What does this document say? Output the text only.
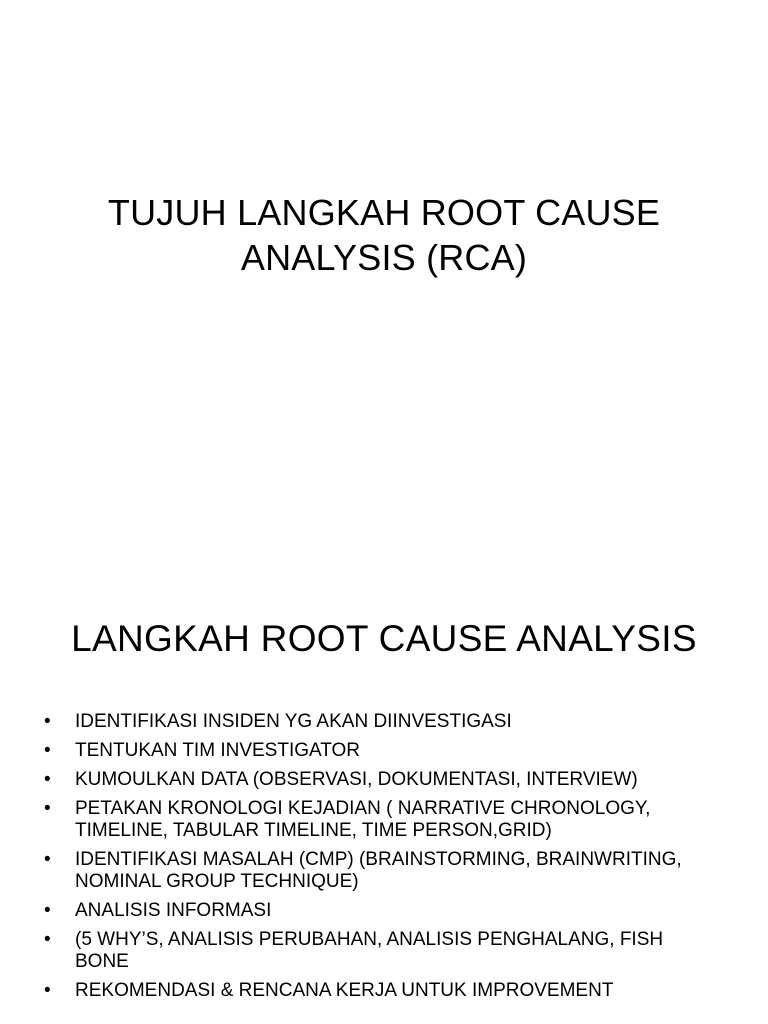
TUJUH LANGKAH ROOT CAUSE
ANALYSIS (RCA)
LANGKAH ROOT CAUSE ANALYSIS
• IDENTIFIKASI INSIDEN YG AKAN DIINVESTIGASI
• TENTUKAN TIM INVESTIGATOR
• KUMOULKAN DATA (OBSERVASI, DOKUMENTASI, INTERVIEW)
• PETAKAN KRONOLOGI KEJADIAN ( NARRATIVE CHRONOLOGY,
TIMELINE, TABULAR TIMELINE, TIME PERSON,GRID)
• IDENTIFIKASI MASALAH (CMP) (BRAINSTORMING, BRAINWRITING,
NOMINAL GROUP TECHNIQUE)
• ANALISIS INFORMASI
• (5 WHY’S, ANALISIS PERUBAHAN, ANALISIS PENGHALANG, FISH
BONE
• REKOMENDASI & RENCANA KERJA UNTUK IMPROVEMENT
